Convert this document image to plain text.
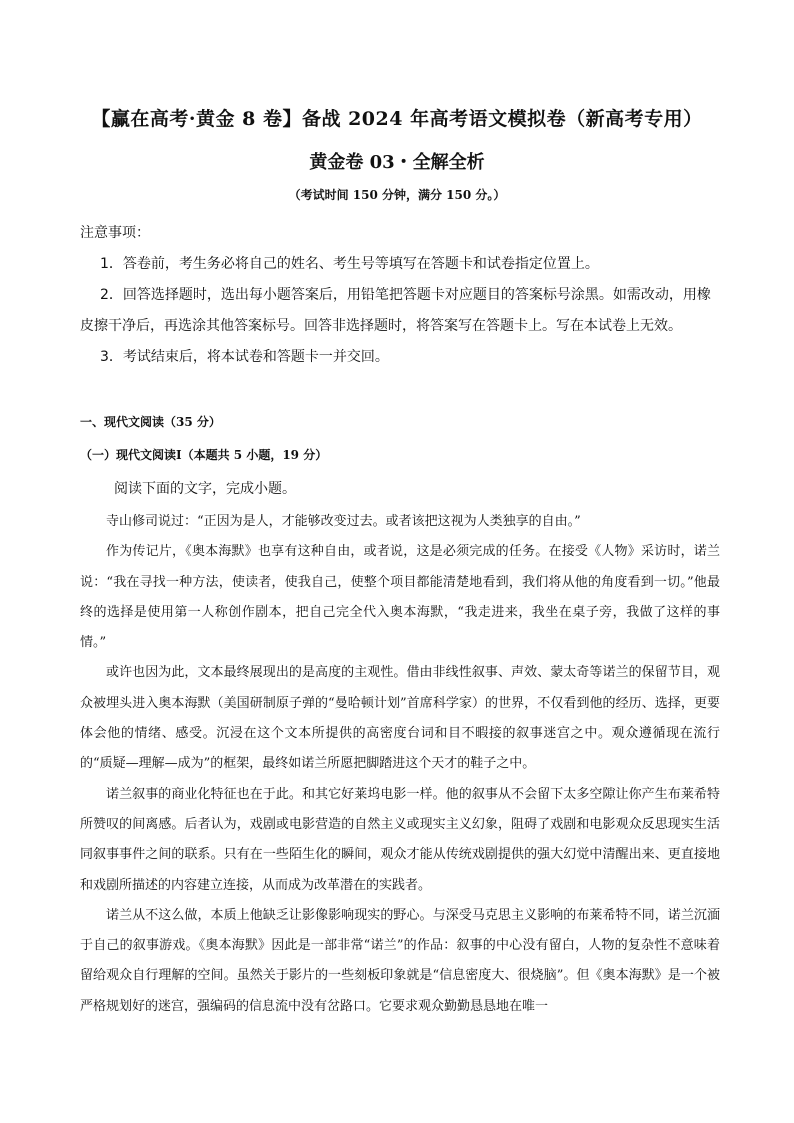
【赢在高考·黄金 8 卷】备战 2024 年高考语文模拟卷（新高考专用）
黄金卷 03・全解全析
（考试时间 150 分钟，满分 150 分。）

注意事项：

1．答卷前，考生务必将自己的姓名、考生号等填写在答题卡和试卷指定位置上。

2．回答选择题时，选出每小题答案后，用铅笔把答题卡对应题目的答案标号涂黑。如需改动，用橡皮擦干净后，再选涂其他答案标号。回答非选择题时，将答案写在答题卡上。写在本试卷上无效。

3．考试结束后，将本试卷和答题卡一并交回。

一、现代文阅读（35 分）
（一）现代文阅读Ⅰ（本题共 5 小题，19 分）
阅读下面的文字，完成小题。

寺山修司说过：“正因为是人，才能够改变过去。或者该把这视为人类独享的自由。”

作为传记片，《奥本海默》也享有这种自由，或者说，这是必须完成的任务。在接受《人物》采访时，诺兰说：“我在寻找一种方法，使读者，使我自己，使整个项目都能清楚地看到，我们将从他的角度看到一切。”他最终的选择是使用第一人称创作剧本，把自己完全代入奥本海默，“我走进来，我坐在桌子旁，我做了这样的事情。”

或许也因为此，文本最终展现出的是高度的主观性。借由非线性叙事、声效、蒙太奇等诺兰的保留节目，观众被埋头进入奥本海默（美国研制原子弹的“曼哈顿计划”首席科学家）的世界，不仅看到他的经历、选择，更要体会他的情绪、感受。沉浸在这个文本所提供的高密度台词和目不暇接的叙事迷宫之中。观众遵循现在流行的“质疑—理解—成为”的框架，最终如诺兰所愿把脚踏进这个天才的鞋子之中。

诺兰叙事的商业化特征也在于此。和其它好莱坞电影一样。他的叙事从不会留下太多空隙让你产生布莱希特所赞叹的间离感。后者认为，戏剧或电影营造的自然主义或现实主义幻象，阻碍了戏剧和电影观众反思现实生活同叙事事件之间的联系。只有在一些陌生化的瞬间，观众才能从传统戏剧提供的强大幻觉中清醒出来、更直接地和戏剧所描述的内容建立连接，从而成为改革潜在的实践者。

诺兰从不这么做，本质上他缺乏让影像影响现实的野心。与深受马克思主义影响的布莱希特不同，诺兰沉湎于自己的叙事游戏。《奥本海默》因此是一部非常“诺兰”的作品：叙事的中心没有留白，人物的复杂性不意味着留给观众自行理解的空间。虽然关于影片的一些刻板印象就是“信息密度大、很烧脑”。但《奥本海默》是一个被严格规划好的迷宫，强编码的信息流中没有岔路口。它要求观众勤勤恳恳地在唯一
